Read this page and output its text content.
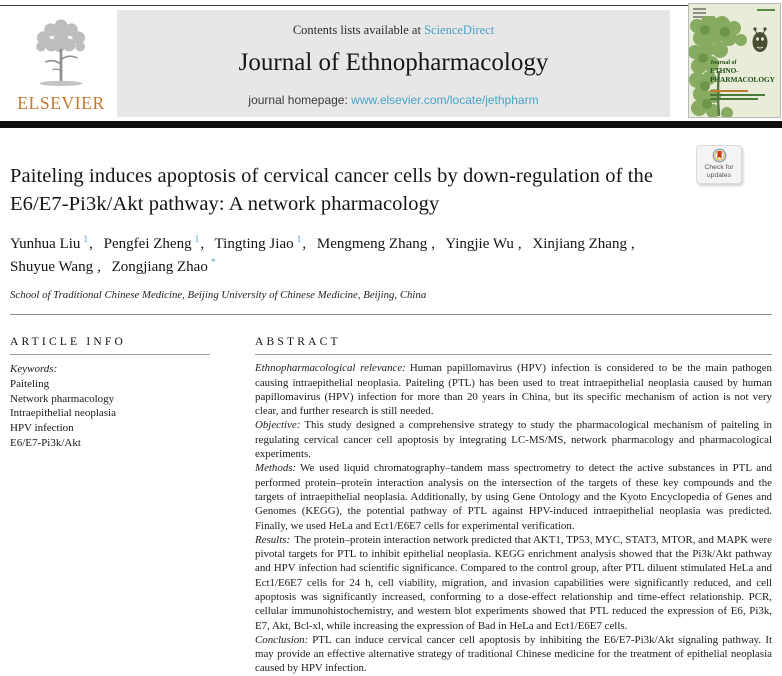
ELSEVIER
Contents lists available at ScienceDirect
Journal of Ethnopharmacology
journal homepage: www.elsevier.com/locate/jethpharm
Journal of
ETHNO-
PHARMACOLOGY
Check for updates
Paiteling induces apoptosis of cervical cancer cells by down-regulation of the E6/E7-Pi3k/Akt pathway: A network pharmacology
Yunhua Liu $^1$ , Pengfei Zheng $^1$ , Tingting Jiao $^1$ , Mengmeng Zhang , Yingjie Wu , Xinjiang Zhang , Shuyue Wang , Zongjiang Zhao *
School of Traditional Chinese Medicine, Beijing University of Chinese Medicine, Beijing, China
ARTICLE INFO
Keywords:
Paiteling
Network pharmacology
Intraepithelial neoplasia
HPV infection
E6/E7-Pi3k/Akt
ABSTRACT

Ethnopharmacological relevance: Human papillomavirus (HPV) infection is considered to be the main pathogen causing intraepithelial neoplasia. Paiteling (PTL) has been used to treat intraepithelial neoplasia caused by human papillomavirus (HPV) infection for more than 20 years in China, but its specific mechanism of action is not very clear, and further research is still needed.

Objective: This study designed a comprehensive strategy to study the pharmacological mechanism of paiteling in regulating cervical cancer cell apoptosis by integrating LC-MS/MS, network pharmacology and pharmacological experiments.

Methods: We used liquid chromatography–tandem mass spectrometry to detect the active substances in PTL and performed protein–protein interaction analysis on the intersection of the targets of these key compounds and the targets of intraepithelial neoplasia. Additionally, by using Gene Ontology and the Kyoto Encyclopedia of Genes and Genomes (KEGG), the potential pathway of PTL against HPV-induced intraepithelial neoplasia was predicted. Finally, we used HeLa and Ect1/E6E7 cells for experimental verification.

Results: The protein–protein interaction network predicted that AKT1, TP53, MYC, STAT3, MTOR, and MAPK were pivotal targets for PTL to inhibit epithelial neoplasia. KEGG enrichment analysis showed that the Pi3k/Akt pathway and HPV infection had scientific significance. Compared to the control group, after PTL diluent stimulated HeLa and Ect1/E6E7 cells for 24 h, cell viability, migration, and invasion capabilities were significantly reduced, and cell apoptosis was significantly increased, conforming to a dose-effect relationship and time-effect relationship. PCR, cellular immunohistochemistry, and western blot experiments showed that PTL reduced the expression of E6, Pi3k, E7, Akt, Bcl-xl, while increasing the expression of Bad in HeLa and Ect1/E6E7 cells.

Conclusion: PTL can induce cervical cancer cell apoptosis by inhibiting the E6/E7-Pi3k/Akt signaling pathway. It may provide an effective alternative strategy of traditional Chinese medicine for the treatment of epithelial neoplasia caused by HPV infection.
